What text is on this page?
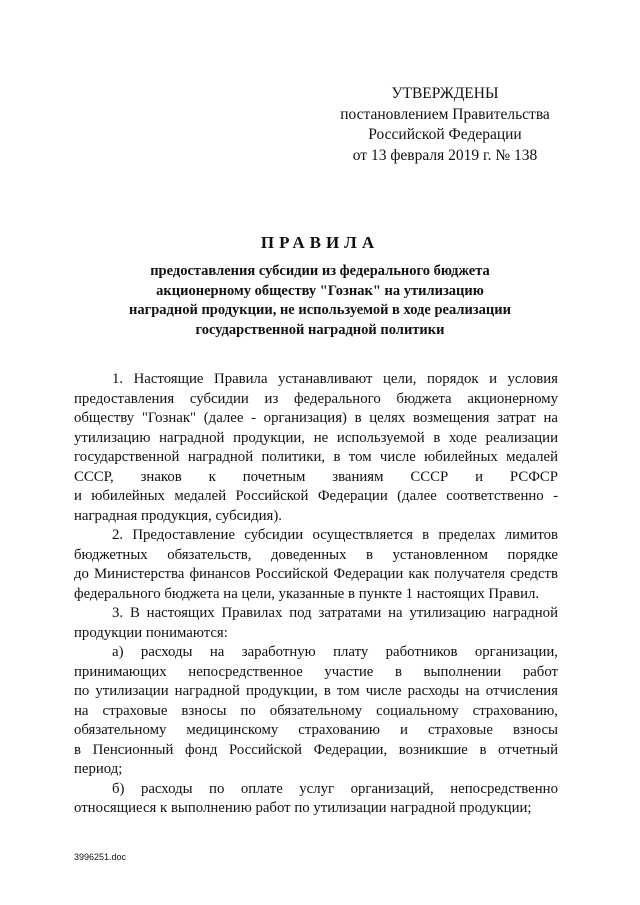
УТВЕРЖДЕНЫ
постановлением Правительства
Российской Федерации
от 13 февраля 2019 г. № 138
ПРАВИЛА
предоставления субсидии из федерального бюджета
акционерному обществу "Гознак" на утилизацию
наградной продукции, не используемой в ходе реализации
государственной наградной политики
1. Настоящие Правила устанавливают цели, порядок и условия
предоставления субсидии из федерального бюджета акционерному
обществу "Гознак" (далее - организация) в целях возмещения затрат на
утилизацию наградной продукции, не используемой в ходе реализации
государственной наградной политики, в том числе юбилейных медалей
СССР, знаков к почетным званиям СССР и РСФСР
и юбилейных медалей Российской Федерации (далее соответственно -
наградная продукция, субсидия).
2. Предоставление субсидии осуществляется в пределах лимитов
бюджетных обязательств, доведенных в установленном порядке
до Министерства финансов Российской Федерации как получателя средств
федерального бюджета на цели, указанные в пункте 1 настоящих Правил.
3. В настоящих Правилах под затратами на утилизацию наградной
продукции понимаются:
а) расходы на заработную плату работников организации,
принимающих непосредственное участие в выполнении работ
по утилизации наградной продукции, в том числе расходы на отчисления
на страховые взносы по обязательному социальному страхованию,
обязательному медицинскому страхованию и страховые взносы
в Пенсионный фонд Российской Федерации, возникшие в отчетный
период;
б) расходы по оплате услуг организаций, непосредственно
относящиеся к выполнению работ по утилизации наградной продукции;
3996251.doc
